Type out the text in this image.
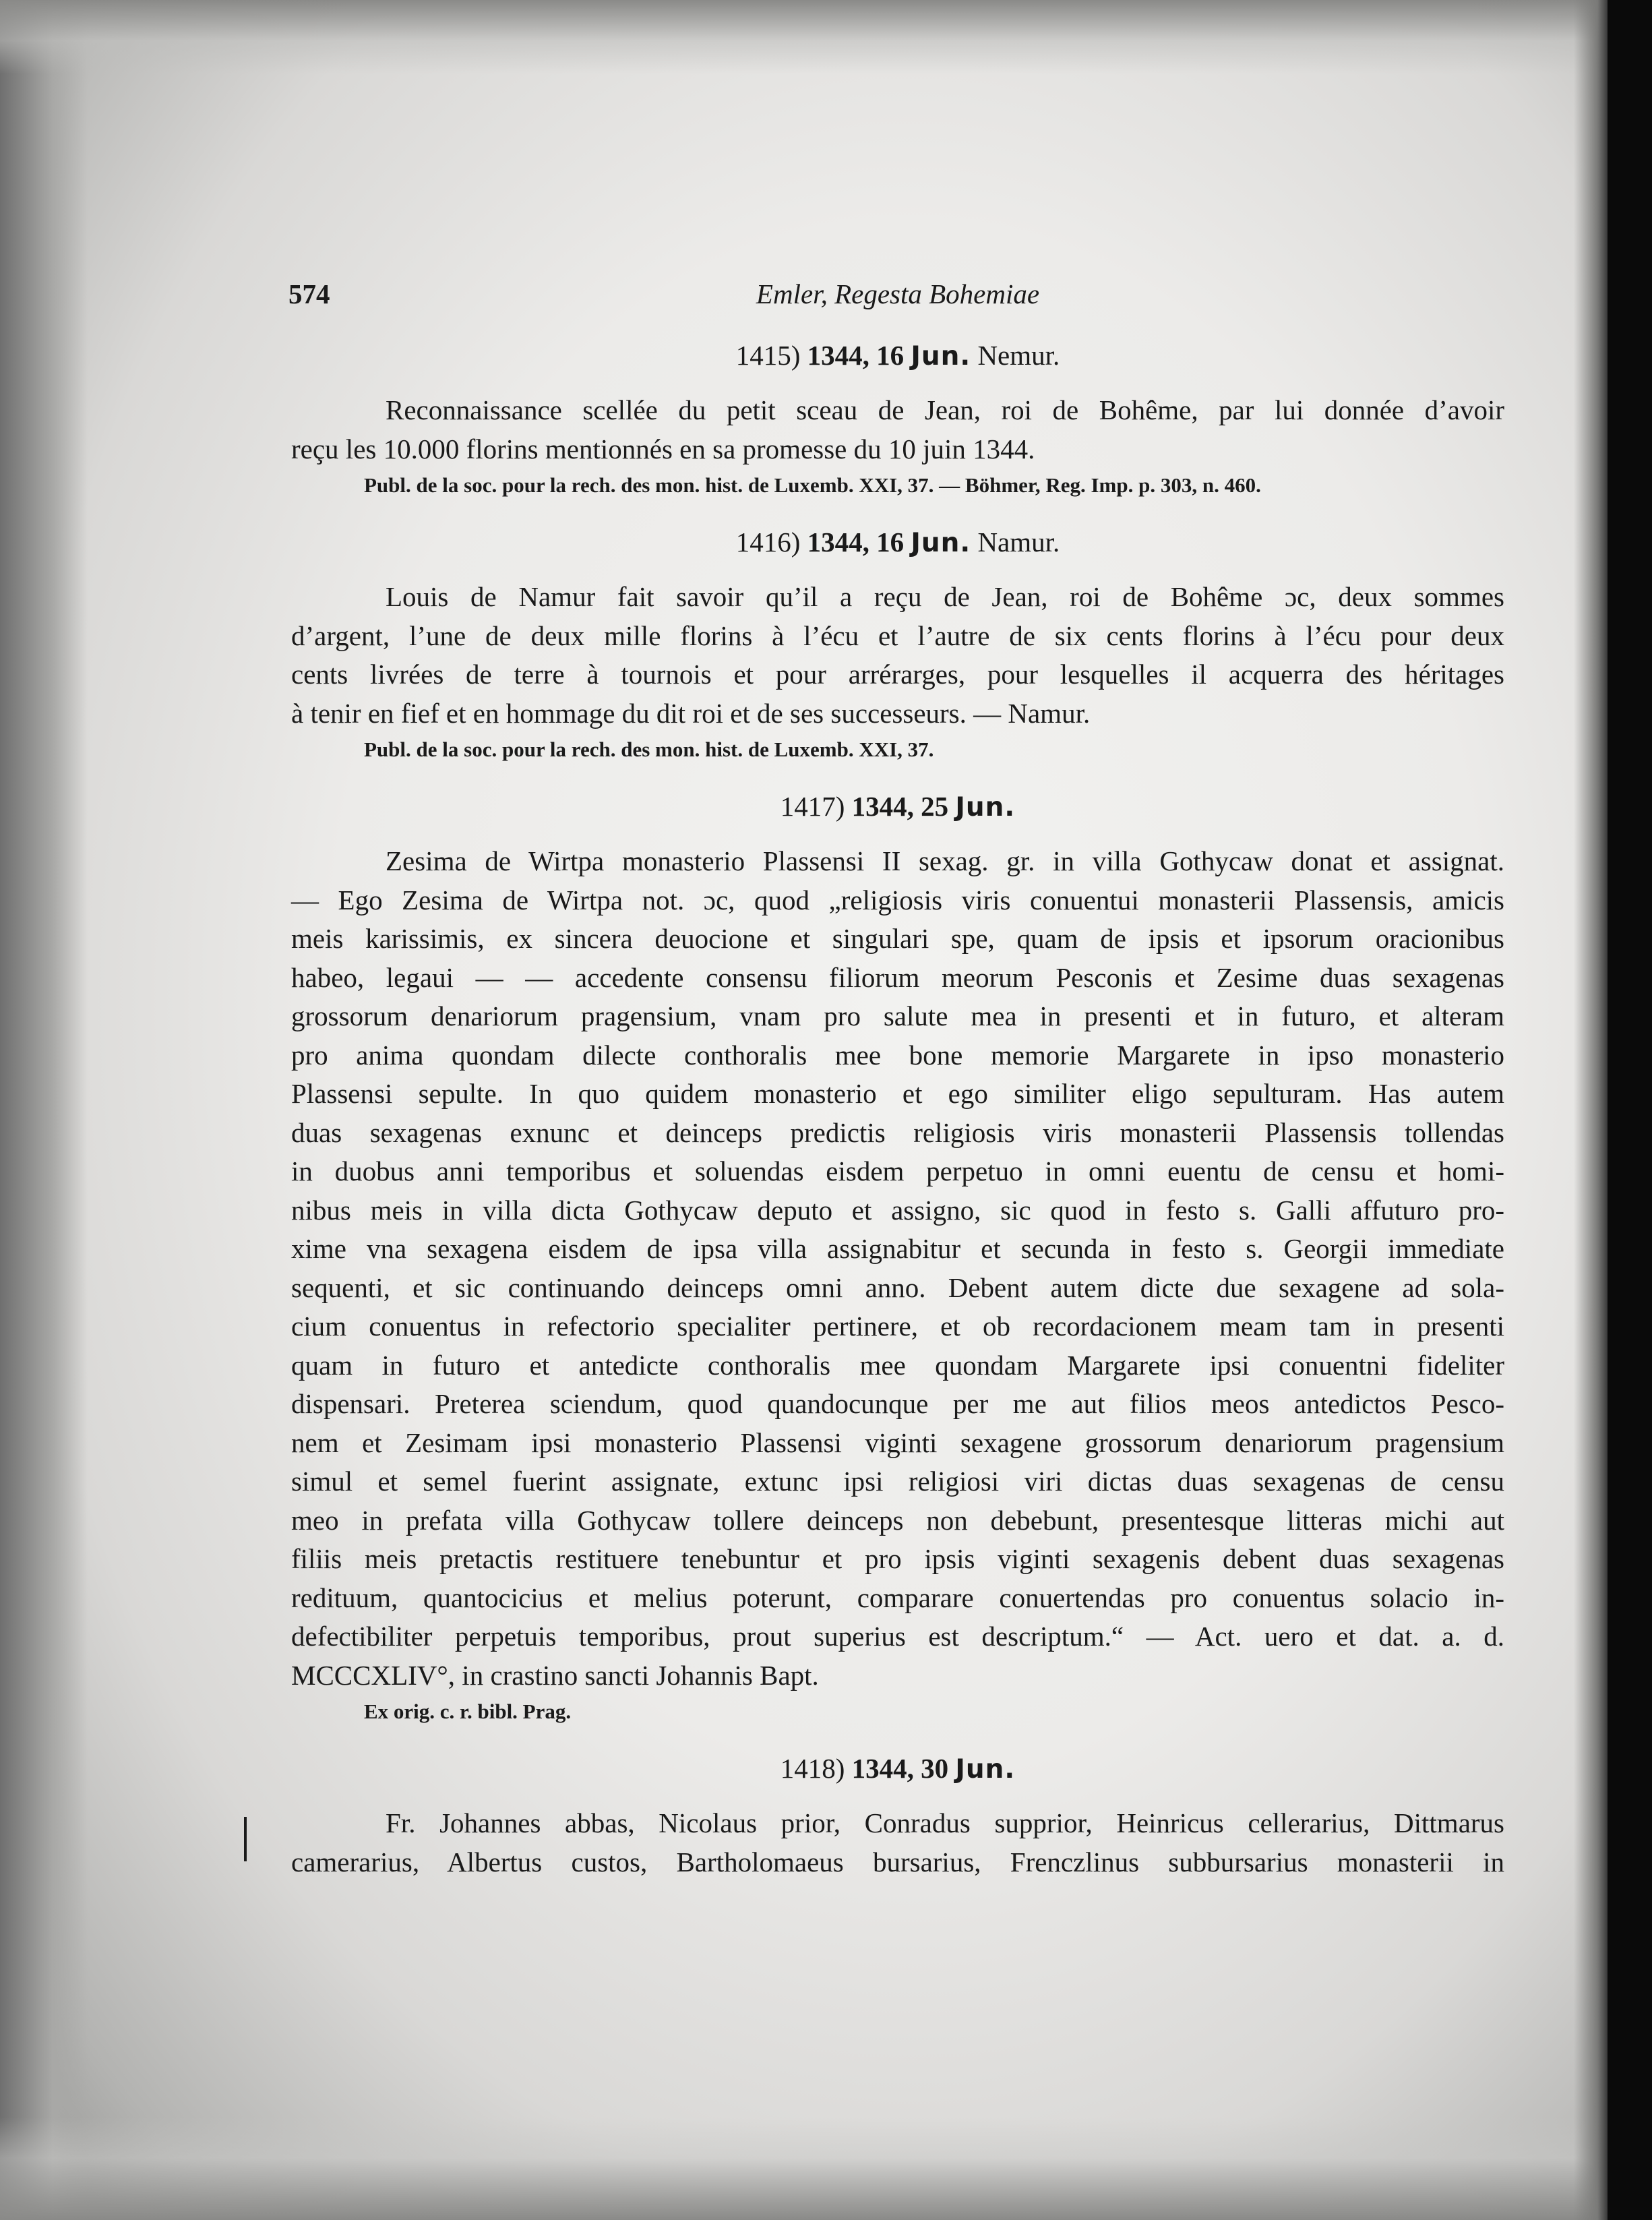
574	Emler, Regesta Bohemiae
1415) 1344, 16 Jun. Nemur.

Reconnaissance scellée du petit sceau de Jean, roi de Bohême, par lui donnée d’avoir
reçu les 10.000 florins mentionnés en sa promesse du 10 juin 1344.

Publ. de la soc. pour la rech. des mon. hist. de Luxemb. XXI, 37. — Böhmer, Reg. Imp. p. 303, n. 460.
1416) 1344, 16 Jun. Namur.

Louis de Namur fait savoir qu’il a reçu de Jean, roi de Bohême ɔc, deux sommes
d’argent, l’une de deux mille florins à l’écu et l’autre de six cents florins à l’écu pour deux
cents livrées de terre à tournois et pour arrérarges, pour lesquelles il acquerra des héritages
à tenir en fief et en hommage du dit roi et de ses successeurs. — Namur.

Publ. de la soc. pour la rech. des mon. hist. de Luxemb. XXI, 37.
1417) 1344, 25 Jun.

Zesima de Wirtpa monasterio Plassensi II sexag. gr. in villa Gothycaw donat et assignat.
— Ego Zesima de Wirtpa not. ɔc, quod „religiosis viris conuentui monasterii Plassensis, amicis
meis karissimis, ex sincera deuocione et singulari spe, quam de ipsis et ipsorum oracionibus
habeo, legaui — — accedente consensu filiorum meorum Pesconis et Zesime duas sexagenas
grossorum denariorum pragensium, vnam pro salute mea in presenti et in futuro, et alteram
pro anima quondam dilecte conthoralis mee bone memorie Margarete in ipso monasterio
Plassensi sepulte. In quo quidem monasterio et ego similiter eligo sepulturam. Has autem
duas sexagenas exnunc et deinceps predictis religiosis viris monasterii Plassensis tollendas
in duobus anni temporibus et soluendas eisdem perpetuo in omni euentu de censu et homi-
nibus meis in villa dicta Gothycaw deputo et assigno, sic quod in festo s. Galli affuturo pro-
xime vna sexagena eisdem de ipsa villa assignabitur et secunda in festo s. Georgii immediate
sequenti, et sic continuando deinceps omni anno. Debent autem dicte due sexagene ad sola-
cium conuentus in refectorio specialiter pertinere, et ob recordacionem meam tam in presenti
quam in futuro et antedicte conthoralis mee quondam Margarete ipsi conuentni fideliter
dispensari. Preterea sciendum, quod quandocunque per me aut filios meos antedictos Pesco-
nem et Zesimam ipsi monasterio Plassensi viginti sexagene grossorum denariorum pragensium
simul et semel fuerint assignate, extunc ipsi religiosi viri dictas duas sexagenas de censu
meo in prefata villa Gothycaw tollere deinceps non debebunt, presentesque litteras michi aut
filiis meis pretactis restituere tenebuntur et pro ipsis viginti sexagenis debent duas sexagenas
redituum, quantocicius et melius poterunt, comparare conuertendas pro conuentus solacio in-
defectibiliter perpetuis temporibus, prout superius est descriptum.“ — Act. uero et dat. a. d.
MCCCXLIV°, in crastino sancti Johannis Bapt.

Ex orig. c. r. bibl. Prag.
1418) 1344, 30 Jun.

Fr. Johannes abbas, Nicolaus prior, Conradus supprior, Heinricus cellerarius, Dittmarus
camerarius, Albertus custos, Bartholomaeus bursarius, Frenczlinus subbursarius monasterii in
